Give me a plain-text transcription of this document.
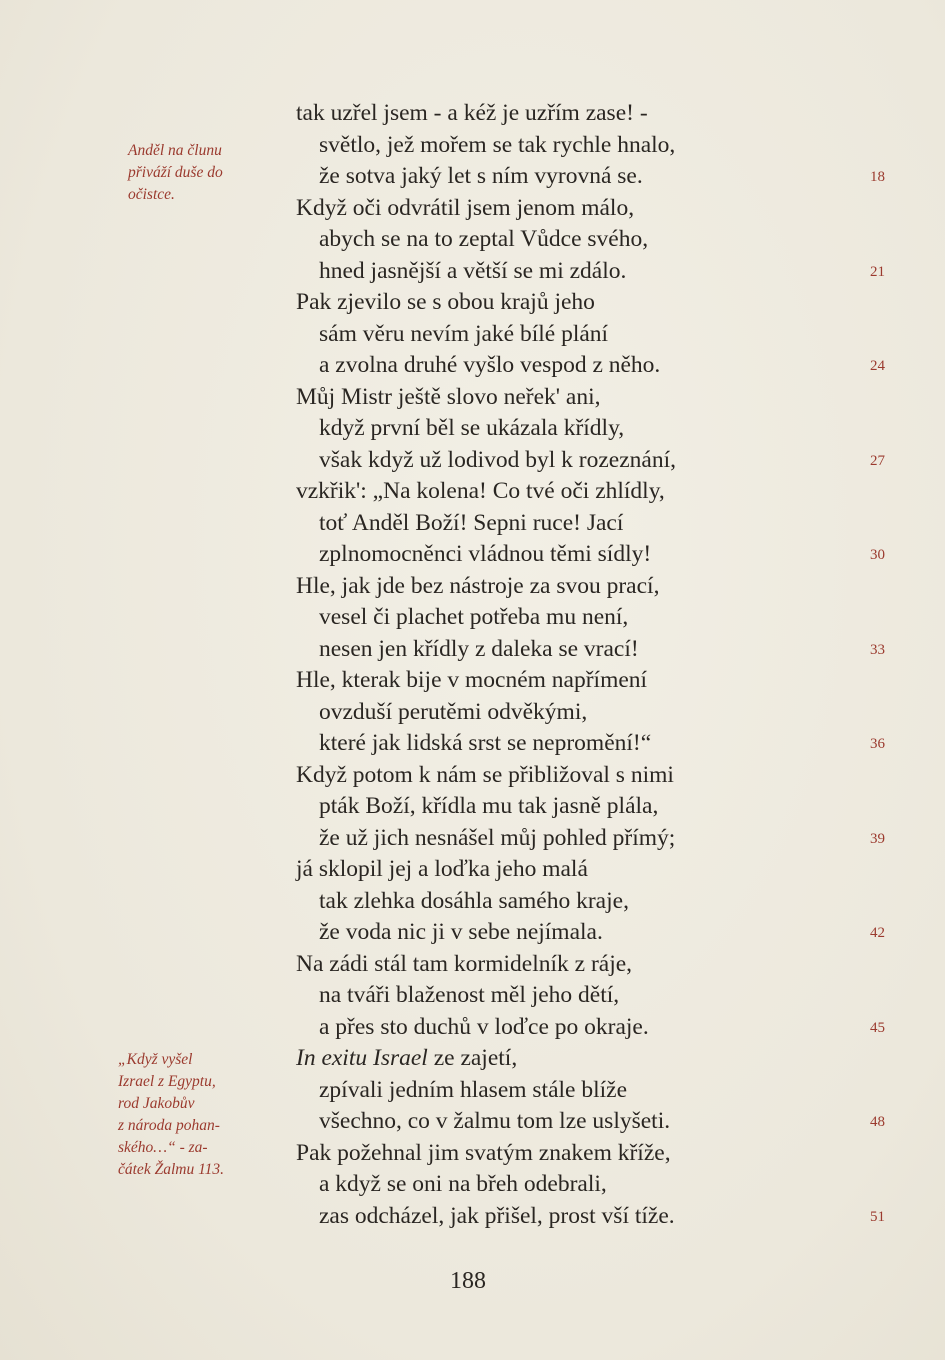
Anděl na člunu
přiváží duše do
očistce.
„Když vyšel
Izrael z Egyptu,
rod Jakobův
z národa pohan-
ského…“ - za-
čátek Žalmu 113.
tak uzřel jsem - a kéž je uzřím zase! -
světlo, jež mořem se tak rychle hnalo,
že sotva jaký let s ním vyrovná se.
Když oči odvrátil jsem jenom málo,
abych se na to zeptal Vůdce svého,
hned jasnější a větší se mi zdálo.
Pak zjevilo se s obou krajů jeho
sám věru nevím jaké bílé plání
a zvolna druhé vyšlo vespod z něho.
Můj Mistr ještě slovo neřek' ani,
když první běl se ukázala křídly,
však když už lodivod byl k rozeznání,
vzkřik': „Na kolena! Co tvé oči zhlídly,
toť Anděl Boží! Sepni ruce! Jací
zplnomocněnci vládnou těmi sídly!
Hle, jak jde bez nástroje za svou prací,
vesel či plachet potřeba mu není,
nesen jen křídly z daleka se vrací!
Hle, kterak bije v mocném napřímení
ovzduší perutěmi odvěkými,
které jak lidská srst se nepromění!“
Když potom k nám se přibližoval s nimi
pták Boží, křídla mu tak jasně plála,
že už jich nesnášel můj pohled přímý;
já sklopil jej a loďka jeho malá
tak zlehka dosáhla samého kraje,
že voda nic ji v sebe nejímala.
Na zádi stál tam kormidelník z ráje,
na tváři blaženost měl jeho dětí,
a přes sto duchů v loďce po okraje.
In exitu Israel ze zajetí,
zpívali jedním hlasem stále blíže
všechno, co v žalmu tom lze uslyšeti.
Pak požehnal jim svatým znakem kříže,
a když se oni na břeh odebrali,
zas odcházel, jak přišel, prost vší tíže.
18
21
24
27
30
33
36
39
42
45
48
51
188
